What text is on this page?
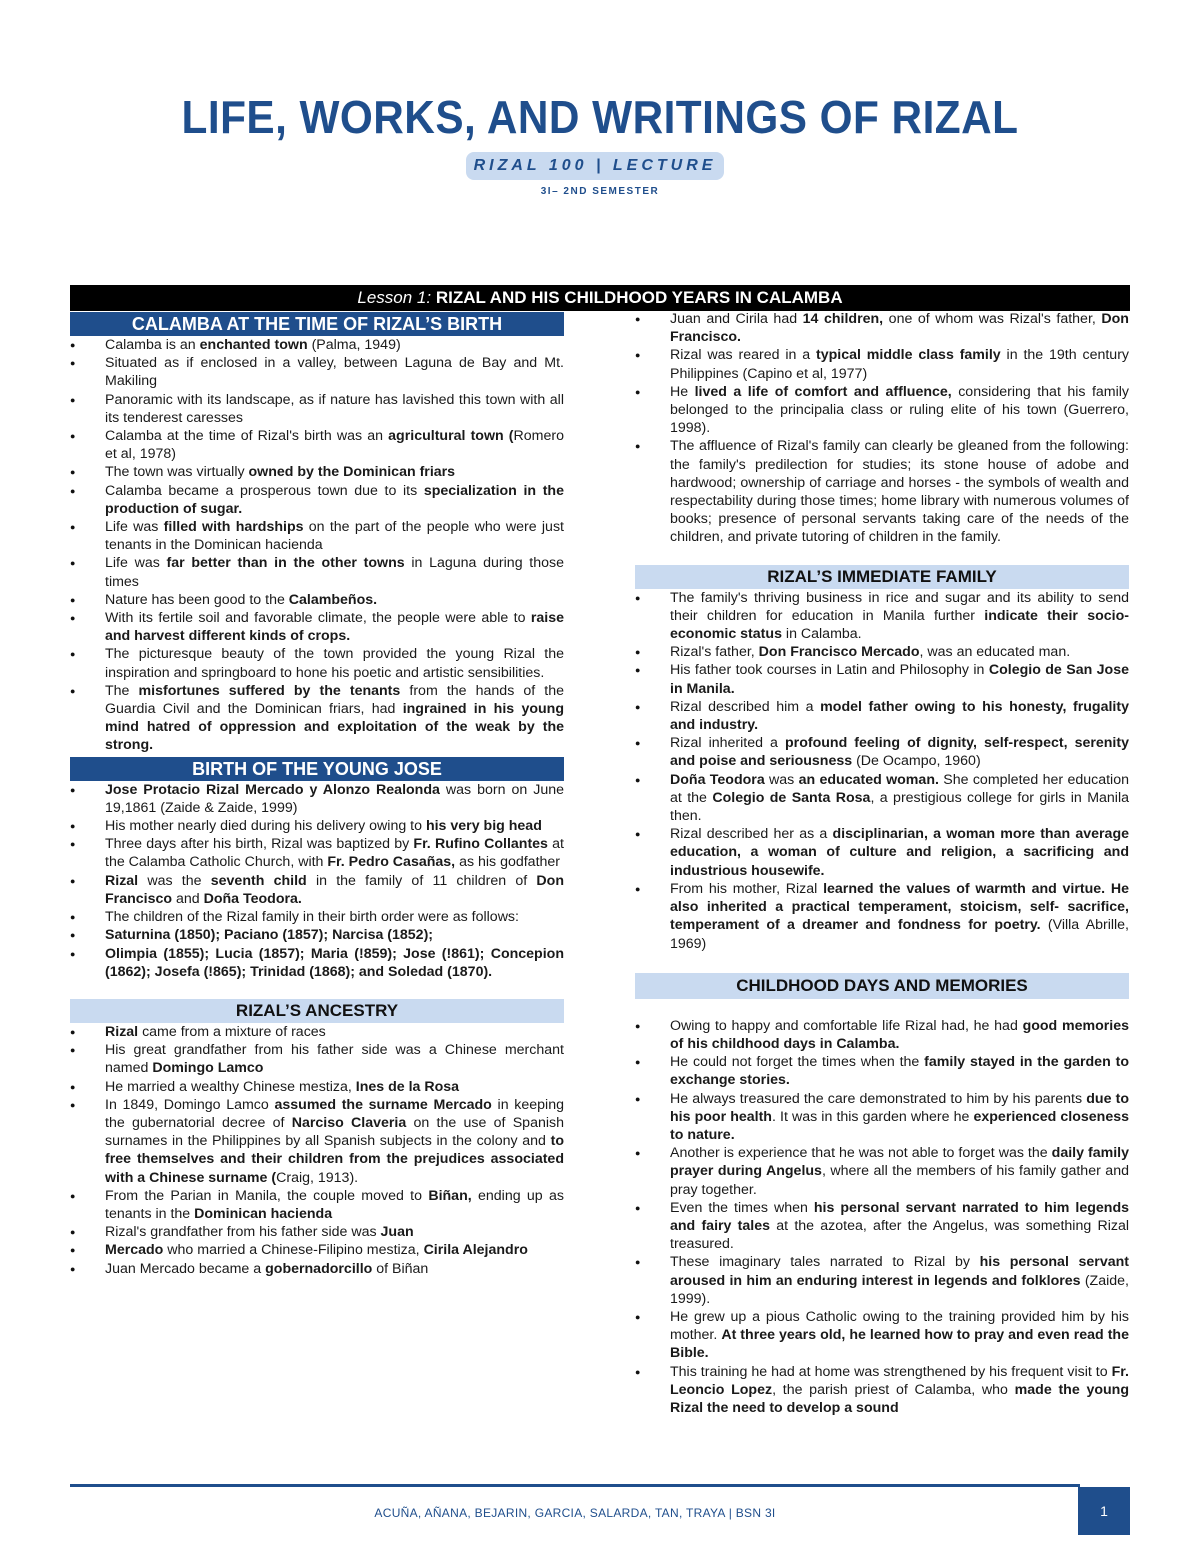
LIFE, WORKS, AND WRITINGS OF RIZAL
RIZAL 100 | LECTURE
3I– 2ND SEMESTER
Lesson 1: RIZAL AND HIS CHILDHOOD YEARS IN CALAMBA
CALAMBA AT THE TIME OF RIZAL’S BIRTH
● Calamba is an enchanted town (Palma, 1949)
● Situated as if enclosed in a valley, between Laguna de Bay and Mt. Makiling
● Panoramic with its landscape, as if nature has lavished this town with all its tenderest caresses
● Calamba at the time of Rizal's birth was an agricultural town (Romero et al, 1978)
● The town was virtually owned by the Dominican friars
● Calamba became a prosperous town due to its specialization in the production of sugar.
● Life was filled with hardships on the part of the people who were just tenants in the Dominican hacienda
● Life was far better than in the other towns in Laguna during those times
● Nature has been good to the Calambeños.
● With its fertile soil and favorable climate, the people were able to raise and harvest different kinds of crops.
● The picturesque beauty of the town provided the young Rizal the inspiration and springboard to hone his poetic and artistic sensibilities.
● The misfortunes suffered by the tenants from the hands of the Guardia Civil and the Dominican friars, had ingrained in his young mind hatred of oppression and exploitation of the weak by the strong.
BIRTH OF THE YOUNG JOSE
● Jose Protacio Rizal Mercado y Alonzo Realonda was born on June 19,1861 (Zaide & Zaide, 1999)
● His mother nearly died during his delivery owing to his very big head
● Three days after his birth, Rizal was baptized by Fr. Rufino Collantes at the Calamba Catholic Church, with Fr. Pedro Casañas, as his godfather
● Rizal was the seventh child in the family of 11 children of Don Francisco and Doña Teodora.
● The children of the Rizal family in their birth order were as follows:
● Saturnina (1850); Paciano (1857); Narcisa (1852);
● Olimpia (1855); Lucia (1857); Maria (!859); Jose (!861); Concepion (1862); Josefa (!865); Trinidad (1868); and Soledad (1870).
RIZAL’S ANCESTRY
● Rizal came from a mixture of races
● His great grandfather from his father side was a Chinese merchant named Domingo Lamco
● He married a wealthy Chinese mestiza, Ines de la Rosa
● In 1849, Domingo Lamco assumed the surname Mercado in keeping the gubernatorial decree of Narciso Claveria on the use of Spanish surnames in the Philippines by all Spanish subjects in the colony and to free themselves and their children from the prejudices associated with a Chinese surname (Craig, 1913).
● From the Parian in Manila, the couple moved to Biñan, ending up as tenants in the Dominican hacienda
● Rizal's grandfather from his father side was Juan
● Mercado who married a Chinese-Filipino mestiza, Cirila Alejandro
● Juan Mercado became a gobernadorcillo of Biñan
● Juan and Cirila had 14 children, one of whom was Rizal's father, Don Francisco.
● Rizal was reared in a typical middle class family in the 19th century Philippines (Capino et al, 1977)
● He lived a life of comfort and affluence, considering that his family belonged to the principalia class or ruling elite of his town (Guerrero, 1998).
● The affluence of Rizal's family can clearly be gleaned from the following: the family's predilection for studies; its stone house of adobe and hardwood; ownership of carriage and horses - the symbols of wealth and respectability during those times; home library with numerous volumes of books; presence of personal servants taking care of the needs of the children, and private tutoring of children in the family.
RIZAL’S IMMEDIATE FAMILY
● The family's thriving business in rice and sugar and its ability to send their children for education in Manila further indicate their socio-economic status in Calamba.
● Rizal's father, Don Francisco Mercado, was an educated man.
● His father took courses in Latin and Philosophy in Colegio de San Jose in Manila.
● Rizal described him a model father owing to his honesty, frugality and industry.
● Rizal inherited a profound feeling of dignity, self-respect, serenity and poise and seriousness (De Ocampo, 1960)
● Doña Teodora was an educated woman. She completed her education at the Colegio de Santa Rosa, a prestigious college for girls in Manila then.
● Rizal described her as a disciplinarian, a woman more than average education, a woman of culture and religion, a sacrificing and industrious housewife.
● From his mother, Rizal learned the values of warmth and virtue. He also inherited a practical temperament, stoicism, self- sacrifice, temperament of a dreamer and fondness for poetry. (Villa Abrille, 1969)
CHILDHOOD DAYS AND MEMORIES
● Owing to happy and comfortable life Rizal had, he had good memories of his childhood days in Calamba.
● He could not forget the times when the family stayed in the garden to exchange stories.
● He always treasured the care demonstrated to him by his parents due to his poor health. It was in this garden where he experienced closeness to nature.
● Another is experience that he was not able to forget was the daily family prayer during Angelus, where all the members of his family gather and pray together.
● Even the times when his personal servant narrated to him legends and fairy tales at the azotea, after the Angelus, was something Rizal treasured.
● These imaginary tales narrated to Rizal by his personal servant aroused in him an enduring interest in legends and folklores (Zaide, 1999).
● He grew up a pious Catholic owing to the training provided him by his mother. At three years old, he learned how to pray and even read the Bible.
● This training he had at home was strengthened by his frequent visit to Fr. Leoncio Lopez, the parish priest of Calamba, who made the young Rizal the need to develop a sound
ACUÑA, AÑANA, BEJARIN, GARCIA, SALARDA, TAN, TRAYA | BSN 3I	1
